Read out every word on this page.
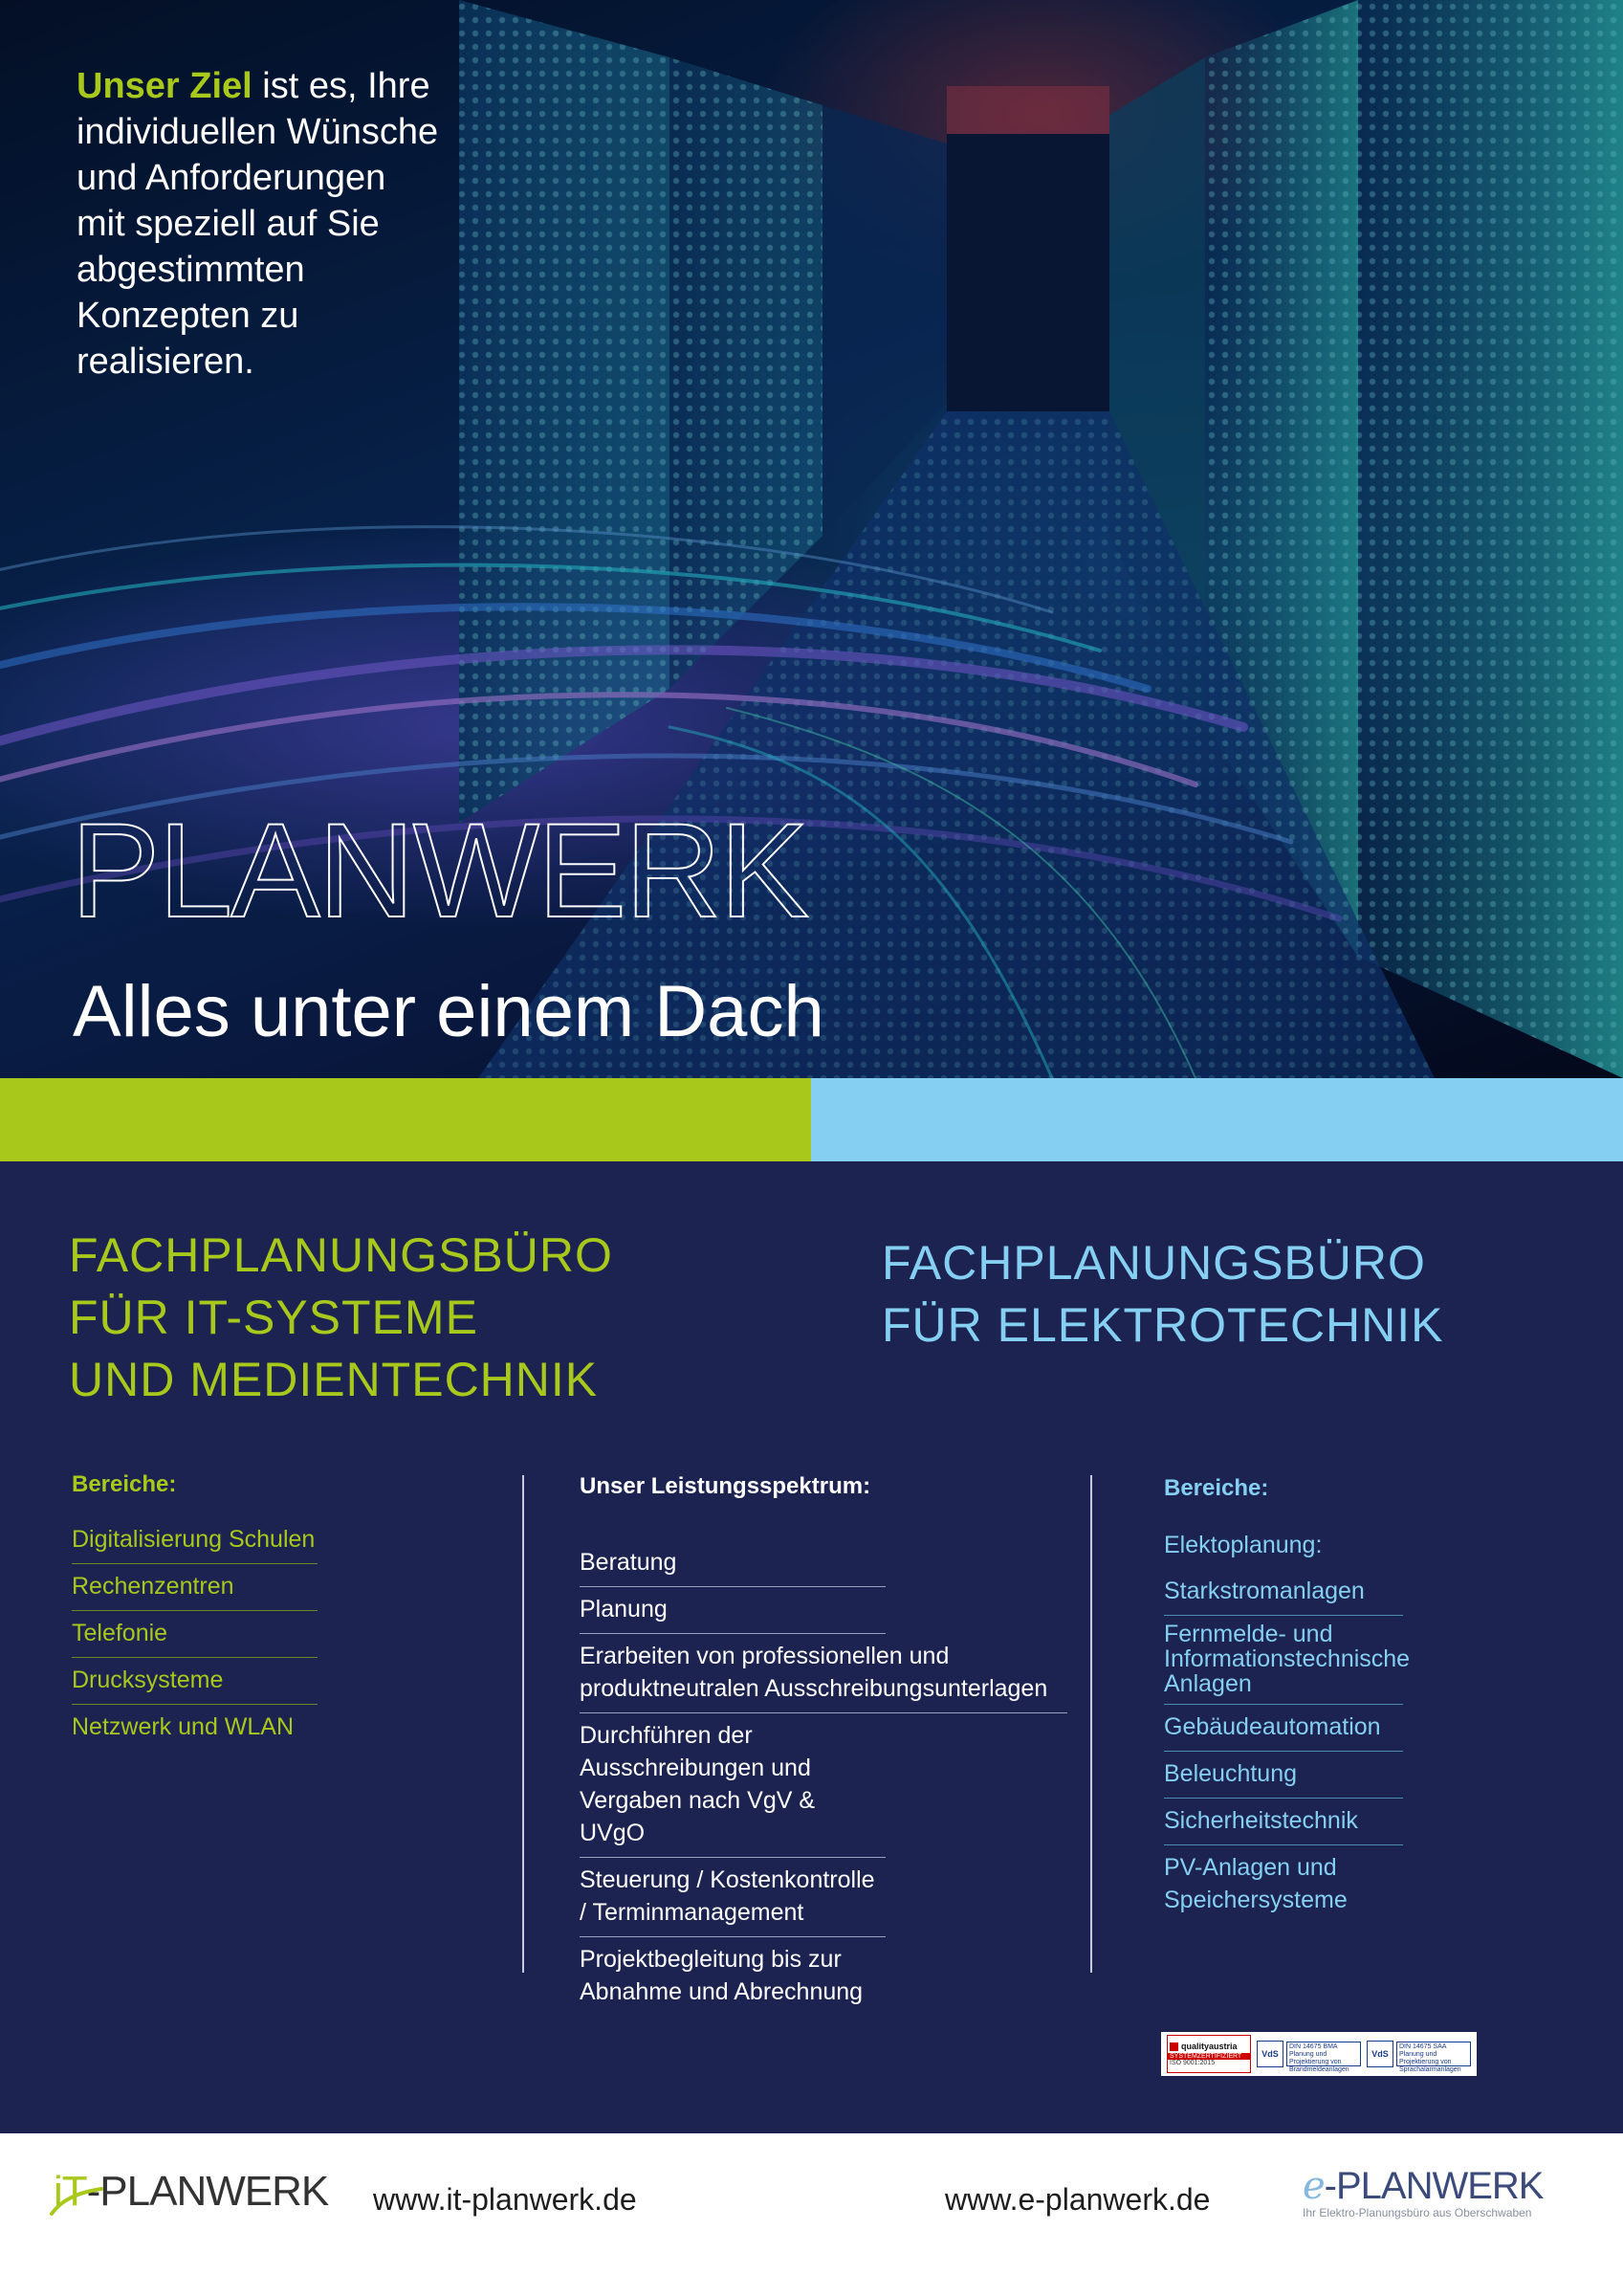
Unser Ziel ist es, Ihre individuellen Wünsche und Anforderungen mit speziell auf Sie abgestimmten Konzepten zu realisieren.
PLANWERK
Alles unter einem Dach
FACHPLANUNGSBÜRO
FÜR IT-SYSTEME
UND MEDIENTECHNIK
FACHPLANUNGSBÜRO
FÜR ELEKTROTECHNIK
Bereiche:
Digitalisierung Schulen
Rechenzentren
Telefonie
Drucksysteme
Netzwerk und WLAN
Unser Leistungsspektrum:
Beratung
Planung
Erarbeiten von professionellen und produktneutralen Ausschreibungsunterlagen
Durchführen der Ausschreibungen und Vergaben nach VgV & UVgO
Steuerung / Kostenkontrolle / Terminmanagement
Projektbegleitung bis zur Abnahme und Abrechnung
Bereiche:
Elektoplanung:
Starkstromanlagen
Fernmelde- und Informationstechnische Anlagen
Gebäudeautomation
Beleuchtung
Sicherheitstechnik
PV-Anlagen und Speichersysteme
qualityaustria
SYSTEMZERTIFIZIERT
ISO 9001:2015
VdS
DIN 14675 BMA Planung und Projektierung von Brandmeldeanlagen
VdS
DIN 14675 SAA Planung und Projektierung von Sprachalarmanlagen
iT-PLANWERK www.it-planwerk.de	www.e-planwerk.de e-PLANWERK
Ihr Elektro-Planungsbüro aus Oberschwaben
